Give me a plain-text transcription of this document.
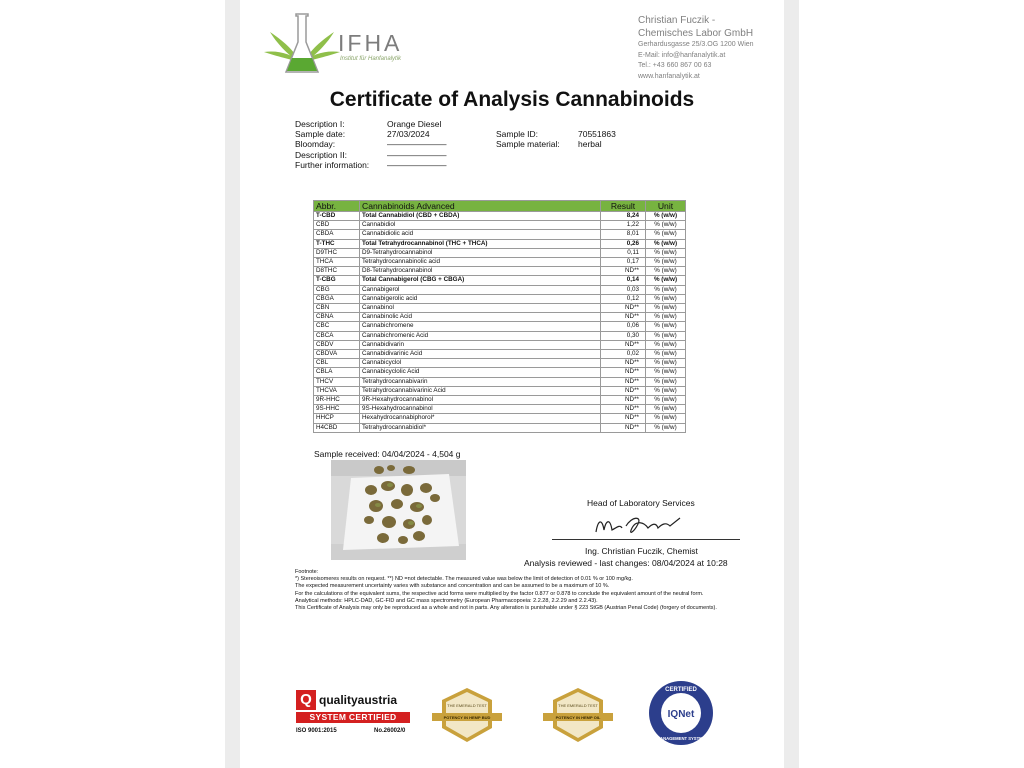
IFHA
Institut für Hanfanalytik
Christian Fuczik -
Chemisches Labor GmbH
Gerhardusgasse 25/3.OG 1200 Wien
E-Mail: info@hanfanalytik.at
Tel.: +43 660 867 00 63
www.hanfanalytik.at
Certificate of Analysis Cannabinoids
Description I:	Orange Diesel
Sample date:	27/03/2024
Bloomday:	———————
Description II:	———————
Further information: ———————
Sample ID:	70551863
Sample material: herbal
Abbr.	Cannabinoids Advanced	Result	Unit
T-CBD	Total Cannabidiol (CBD + CBDA)	8,24	% (w/w)
CBD	Cannabidiol	1,22	% (w/w)
CBDA	Cannabidiolic acid	8,01	% (w/w)
T-THC	Total Tetrahydrocannabinol (THC + THCA)	0,26	% (w/w)
D9THC	D9-Tetrahydrocannabinol	0,11	% (w/w)
THCA	Tetrahydrocannabinolic acid	0,17	% (w/w)
D8THC	D8-Tetrahydrocannabinol	ND**	% (w/w)
T-CBG	Total Cannabigerol (CBG + CBGA)	0,14	% (w/w)
CBG	Cannabigerol	0,03	% (w/w)
CBGA	Cannabigerolic acid	0,12	% (w/w)
CBN	Cannabinol	ND**	% (w/w)
CBNA	Cannabinolic Acid	ND**	% (w/w)
CBC	Cannabichromene	0,06	% (w/w)
CBCA	Cannabichromenic Acid	0,30	% (w/w)
CBDV	Cannabidivarin	ND**	% (w/w)
CBDVA	Cannabidivarinic Acid	0,02	% (w/w)
CBL	Cannabicyclol	ND**	% (w/w)
CBLA	Cannabicyclolic Acid	ND**	% (w/w)
THCV	Tetrahydrocannabivarin	ND**	% (w/w)
THCVA	Tetrahydrocannabivarinic Acid	ND**	% (w/w)
9R-HHC	9R-Hexahydrocannabinol	ND**	% (w/w)
9S-HHC	9S-Hexahydrocannabinol	ND**	% (w/w)
HHCP	Hexahydrocannabiphorol*	ND**	% (w/w)
H4CBD	Tetrahydrocannabidiol*	ND**	% (w/w)
Sample received: 04/04/2024 - 4,504 g
Head of Laboratory Services
Ing. Christian Fuczik, Chemist
Analysis reviewed - last changes: 08/04/2024 at 10:28
Footnote:
*) Stereoisomeres results on request. **) ND =not detectable. The measured value was below the limit of detection of 0.01 % or 100 mg/kg.
The expected measurement uncertainty varies with substance and concentration and can be assumed to be a maximum of 10 %.
For the calculations of the equivalent sums, the respective acid forms were multiplied by the factor 0.877 or 0.878 to conclude the equivalent amount of the neutral form.
Analytical methods: HPLC-DAD, GC-FID and GC mass spectrometry (European Pharmacopoeia: 2.2.28, 2.2.29 and 2.2.43).
This Certificate of Analysis may only be reproduced as a whole and not in parts. Any alteration is punishable under § 223 StGB (Austrian Penal Code) (forgery of documents).
Q qualityaustria
SYSTEM CERTIFIED
ISO 9001:2015	No.26002/0
THE EMERALD TEST
POTENCY IN HEMP BUD
THE EMERALD TEST
POTENCY IN HEMP OIL
CERTIFIED
IQNet
MANAGEMENT SYSTEM
